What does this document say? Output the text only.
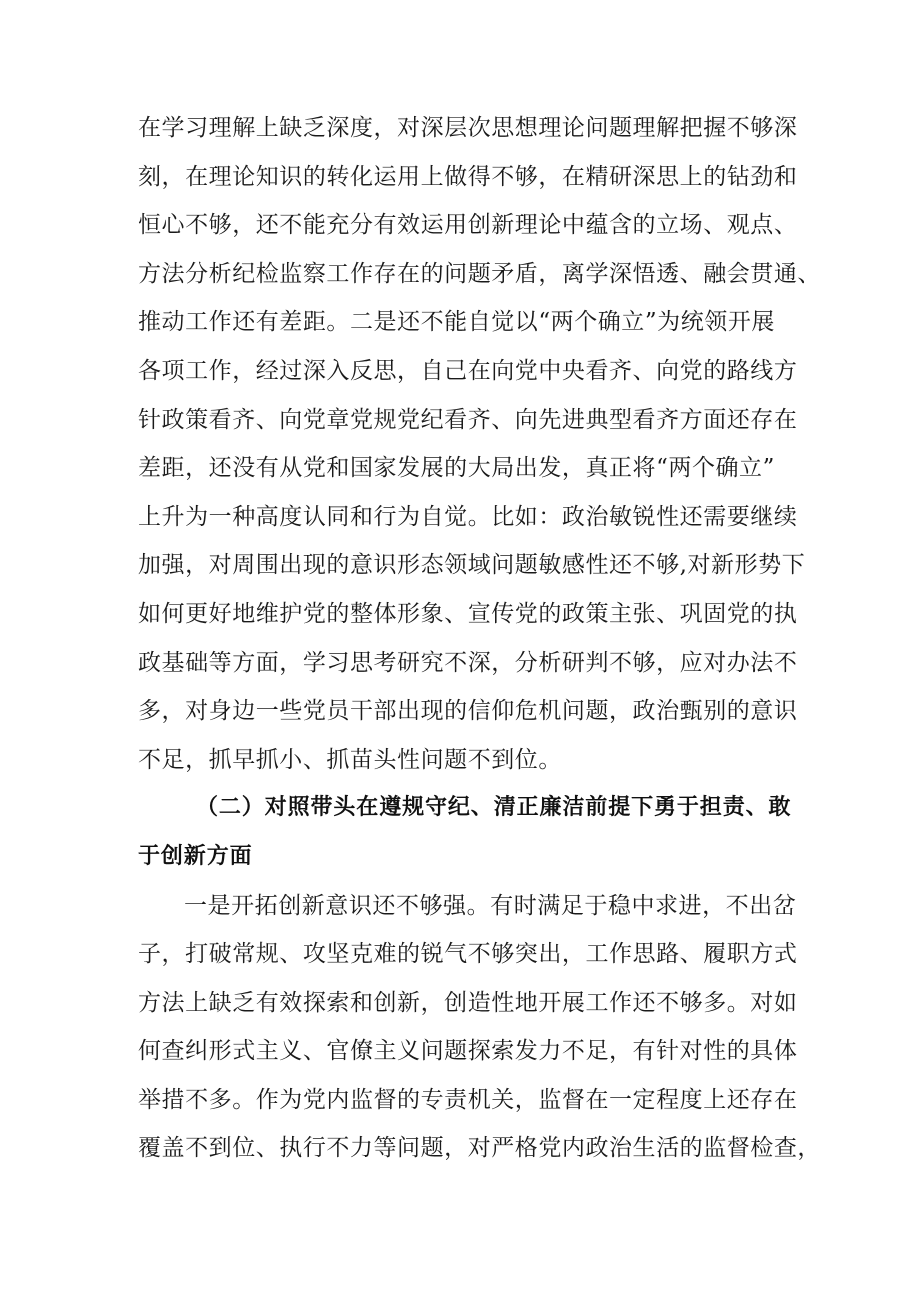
在学习理解上缺乏深度，对深层次思想理论问题理解把握不够深
刻，在理论知识的转化运用上做得不够，在精研深思上的钻劲和
恒心不够，还不能充分有效运用创新理论中蕴含的立场、观点、
方法分析纪检监察工作存在的问题矛盾，离学深悟透、融会贯通、
推动工作还有差距。二是还不能自觉以“两个确立”为统领开展
各项工作，经过深入反思，自己在向党中央看齐、向党的路线方
针政策看齐、向党章党规党纪看齐、向先进典型看齐方面还存在
差距，还没有从党和国家发展的大局出发，真正将“两个确立”
上升为一种高度认同和行为自觉。比如：政治敏锐性还需要继续
加强，对周围出现的意识形态领域问题敏感性还不够,对新形势下
如何更好地维护党的整体形象、宣传党的政策主张、巩固党的执
政基础等方面，学习思考研究不深，分析研判不够，应对办法不
多，对身边一些党员干部出现的信仰危机问题，政治甄别的意识
不足，抓早抓小、抓苗头性问题不到位。
（二）对照带头在遵规守纪、清正廉洁前提下勇于担责、敢
于创新方面
一是开拓创新意识还不够强。有时满足于稳中求进，不出岔
子，打破常规、攻坚克难的锐气不够突出，工作思路、履职方式
方法上缺乏有效探索和创新，创造性地开展工作还不够多。对如
何查纠形式主义、官僚主义问题探索发力不足，有针对性的具体
举措不多。作为党内监督的专责机关，监督在一定程度上还存在
覆盖不到位、执行不力等问题，对严格党内政治生活的监督检查，
